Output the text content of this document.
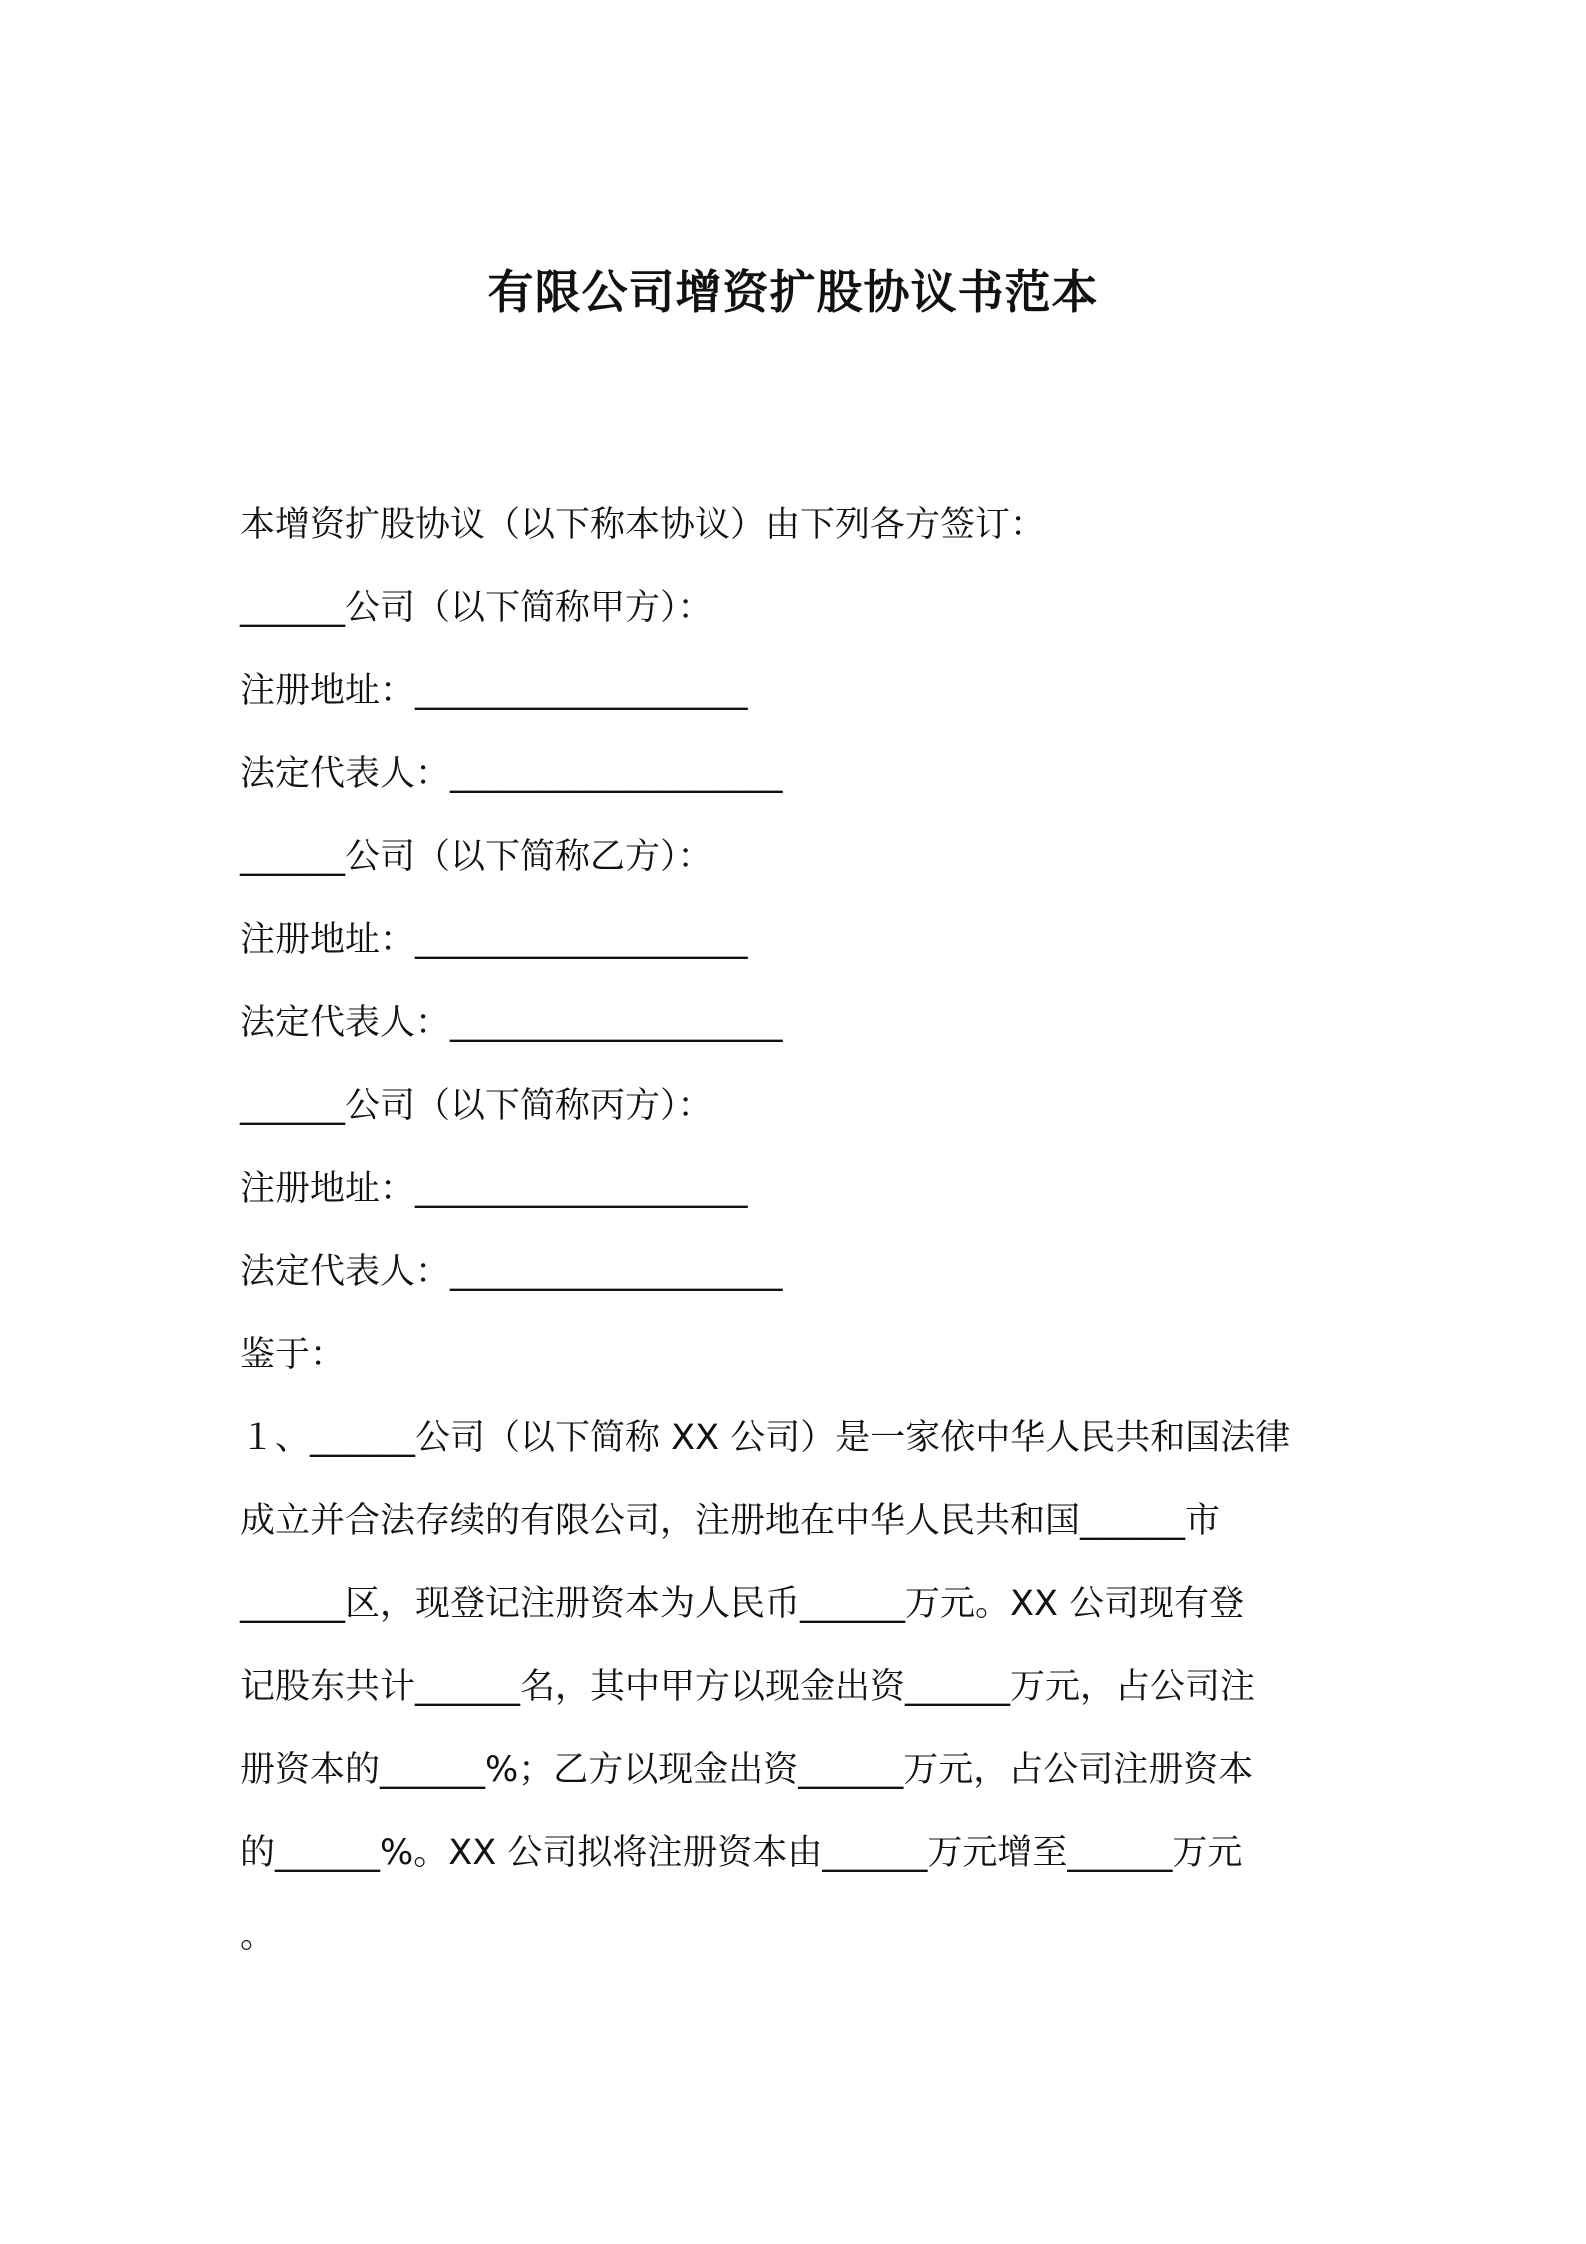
有限公司增资扩股协议书范本
本增资扩股协议（以下称本协议）由下列各方签订：
______公司（以下简称甲方）：
注册地址：___________________
法定代表人：___________________
______公司（以下简称乙方）：
注册地址：___________________
法定代表人：___________________
______公司（以下简称丙方）：
注册地址：___________________
法定代表人：___________________
鉴于：
１、______公司（以下简称 XX 公司）是一家依中华人民共和国法律
成立并合法存续的有限公司，注册地在中华人民共和国______市
______区，现登记注册资本为人民币______万元。XX 公司现有登
记股东共计______名，其中甲方以现金出资______万元，占公司注
册资本的______%；乙方以现金出资______万元，占公司注册资本
的______%。XX 公司拟将注册资本由______万元增至______万元
。
